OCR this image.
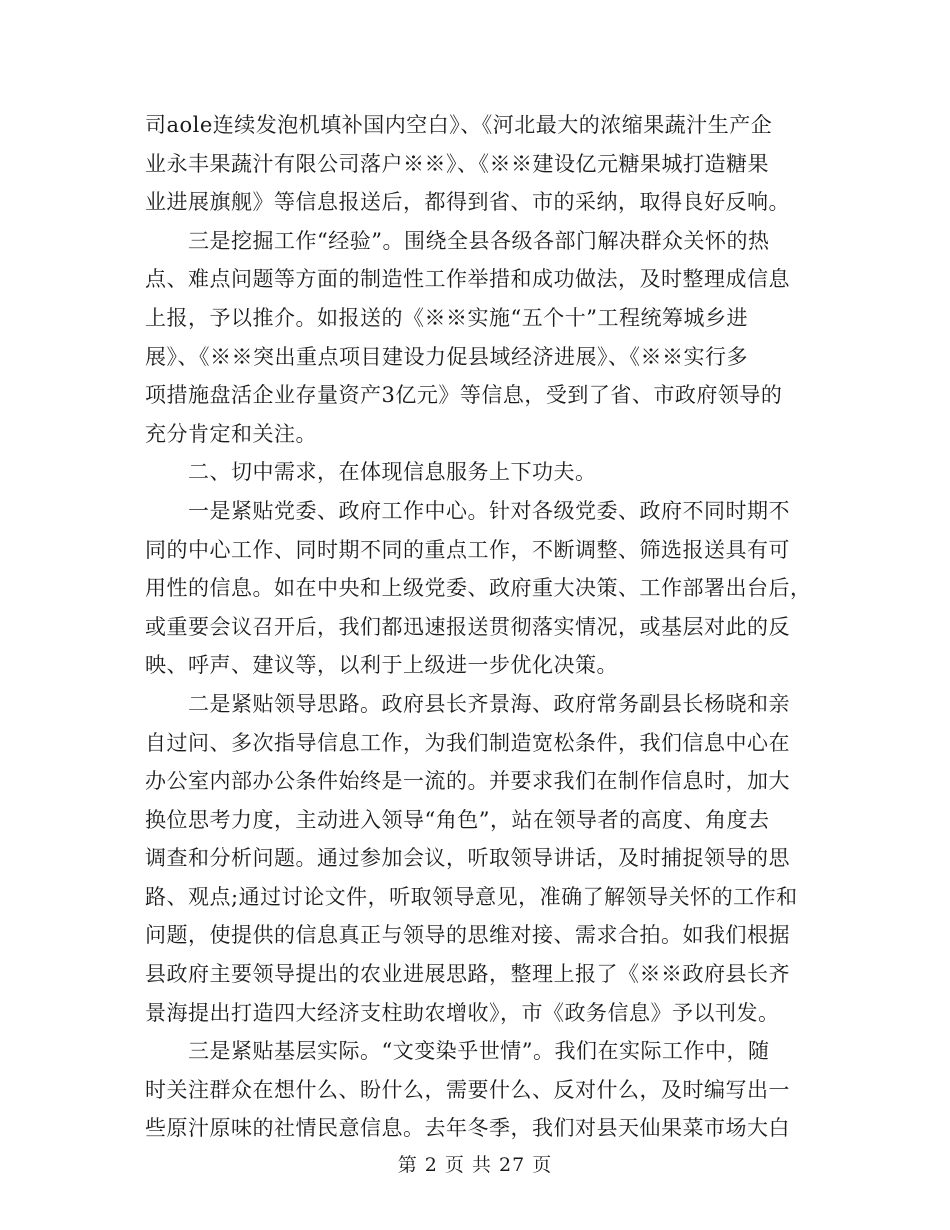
司aole连续发泡机填补国内空白》、《河北最大的浓缩果蔬汁生产企
业永丰果蔬汁有限公司落户※※》、《※※建设亿元糖果城打造糖果
业进展旗舰》等信息报送后，都得到省、市的采纳，取得良好反响。
　　三是挖掘工作“经验”。围绕全县各级各部门解决群众关怀的热
点、难点问题等方面的制造性工作举措和成功做法，及时整理成信息
上报，予以推介。如报送的《※※实施“五个十”工程统筹城乡进
展》、《※※突出重点项目建设力促县域经济进展》、《※※实行多
项措施盘活企业存量资产3亿元》等信息，受到了省、市政府领导的
充分肯定和关注。
　　二、切中需求，在体现信息服务上下功夫。
　　一是紧贴党委、政府工作中心。针对各级党委、政府不同时期不
同的中心工作、同时期不同的重点工作，不断调整、筛选报送具有可
用性的信息。如在中央和上级党委、政府重大决策、工作部署出台后，
或重要会议召开后，我们都迅速报送贯彻落实情况，或基层对此的反
映、呼声、建议等，以利于上级进一步优化决策。
　　二是紧贴领导思路。政府县长齐景海、政府常务副县长杨晓和亲
自过问、多次指导信息工作，为我们制造宽松条件，我们信息中心在
办公室内部办公条件始终是一流的。并要求我们在制作信息时，加大
换位思考力度，主动进入领导“角色”，站在领导者的高度、角度去
调查和分析问题。通过参加会议，听取领导讲话，及时捕捉领导的思
路、观点;通过讨论文件，听取领导意见，准确了解领导关怀的工作和
问题，使提供的信息真正与领导的思维对接、需求合拍。如我们根据
县政府主要领导提出的农业进展思路，整理上报了《※※政府县长齐
景海提出打造四大经济支柱助农增收》，市《政务信息》予以刊发。
　　三是紧贴基层实际。“文变染乎世情”。我们在实际工作中，随
时关注群众在想什么、盼什么，需要什么、反对什么，及时编写出一
些原汁原味的社情民意信息。去年冬季，我们对县天仙果菜市场大白
第 2 页 共 27 页
